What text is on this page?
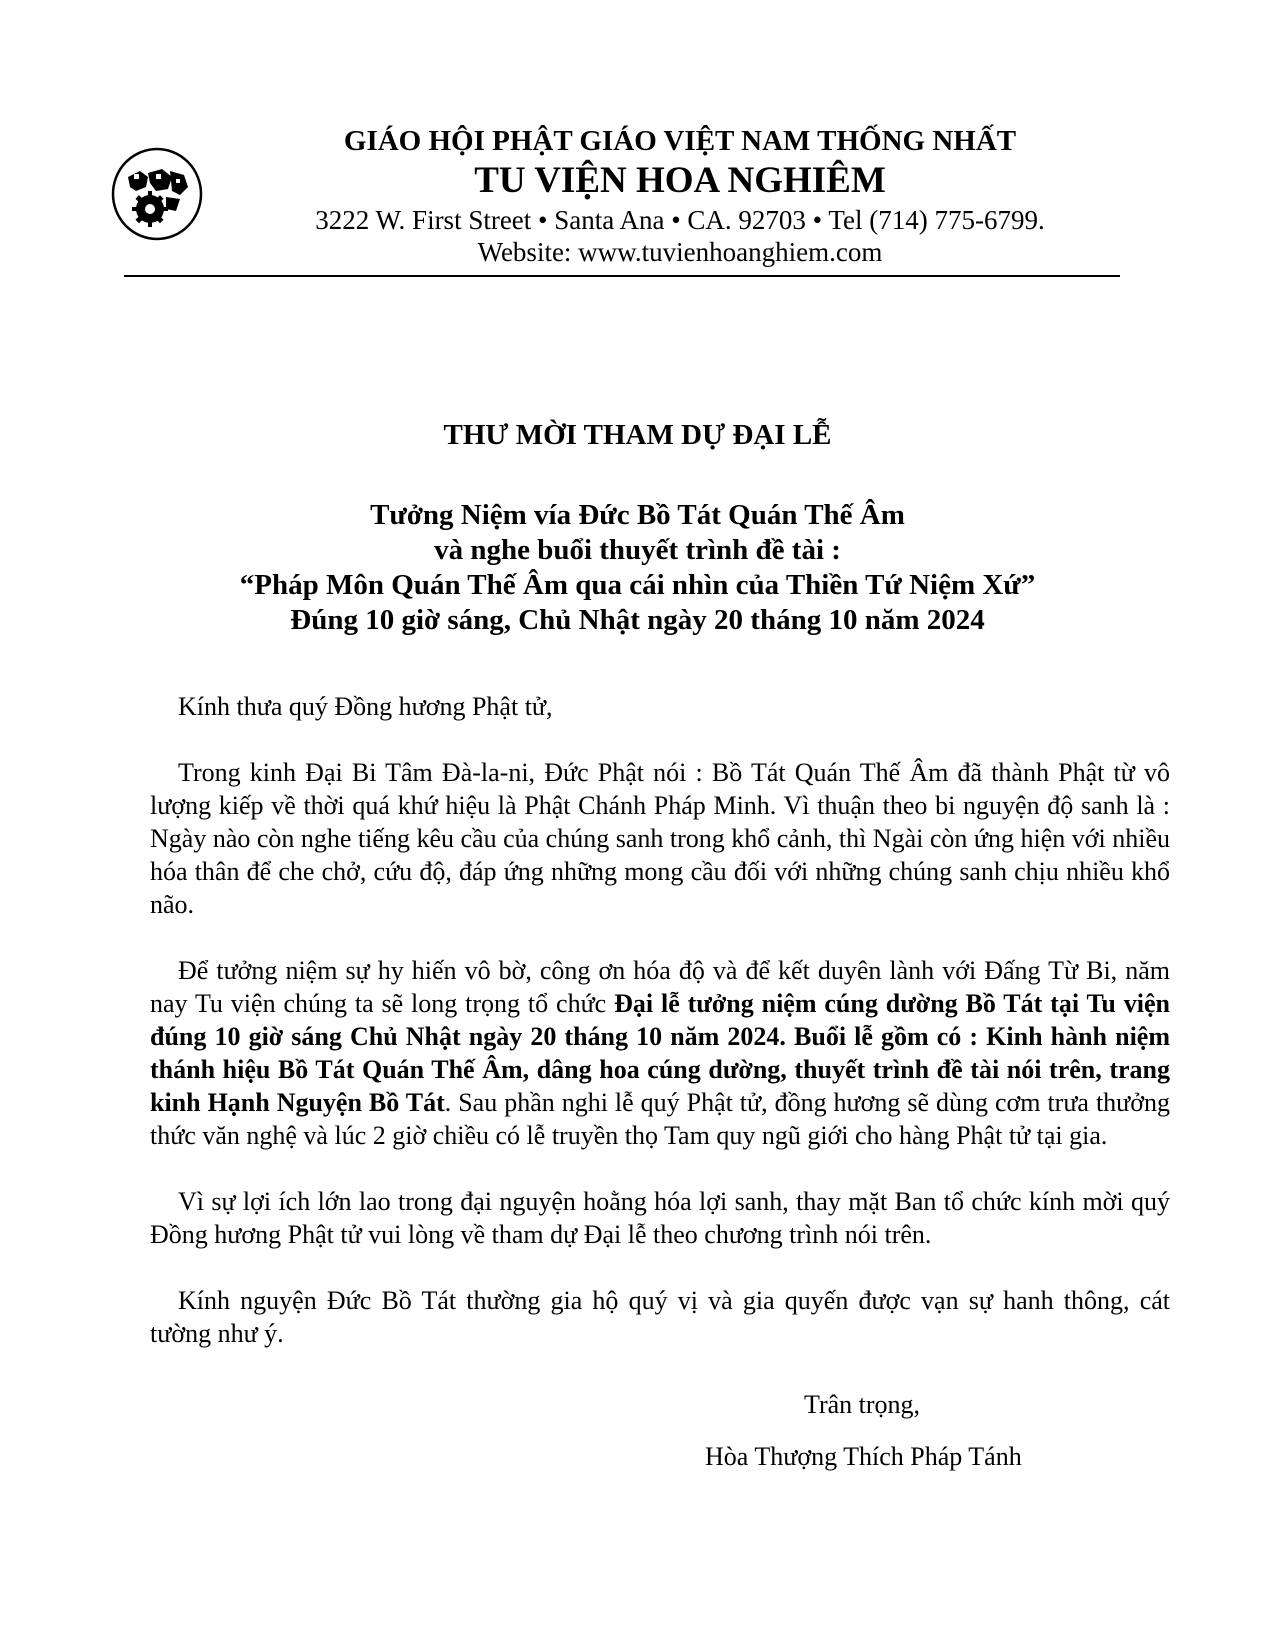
GIÁO HỘI PHẬT GIÁO VIỆT NAM THỐNG NHẤT
TU VIỆN HOA NGHIÊM
3222 W. First Street • Santa Ana • CA. 92703 • Tel (714) 775-6799.
Website: www.tuvienhoanghiem.com
THƯ MỜI THAM DỰ ĐẠI LỄ
Tưởng Niệm vía Đức Bồ Tát Quán Thế Âm
và nghe buổi thuyết trình đề tài :
“Pháp Môn Quán Thế Âm qua cái nhìn của Thiền Tứ Niệm Xứ”
Đúng 10 giờ sáng, Chủ Nhật ngày 20 tháng 10 năm 2024

Kính thưa quý Đồng hương Phật tử,

Trong kinh Đại Bi Tâm Đà-la-ni, Đức Phật nói : Bồ Tát Quán Thế Âm đã thành Phật từ vô lượng kiếp về thời quá khứ hiệu là Phật Chánh Pháp Minh. Vì thuận theo bi nguyện độ sanh là : Ngày nào còn nghe tiếng kêu cầu của chúng sanh trong khổ cảnh, thì Ngài còn ứng hiện với nhiều hóa thân để che chở, cứu độ, đáp ứng những mong cầu đối với những chúng sanh chịu nhiều khổ não.

Để tưởng niệm sự hy hiến vô bờ, công ơn hóa độ và để kết duyên lành với Đấng Từ Bi, năm nay Tu viện chúng ta sẽ long trọng tổ chức Đại lễ tưởng niệm cúng dường Bồ Tát tại Tu viện đúng 10 giờ sáng Chủ Nhật ngày 20 tháng 10 năm 2024. Buổi lễ gồm có : Kinh hành niệm thánh hiệu Bồ Tát Quán Thế Âm, dâng hoa cúng dường, thuyết trình đề tài nói trên, trang kinh Hạnh Nguyện Bồ Tát. Sau phần nghi lễ quý Phật tử, đồng hương sẽ dùng cơm trưa thưởng thức văn nghệ và lúc 2 giờ chiều có lễ truyền thọ Tam quy ngũ giới cho hàng Phật tử tại gia.

Vì sự lợi ích lớn lao trong đại nguyện hoằng hóa lợi sanh, thay mặt Ban tổ chức kính mời quý Đồng hương Phật tử vui lòng về tham dự Đại lễ theo chương trình nói trên.

Kính nguyện Đức Bồ Tát thường gia hộ quý vị và gia quyến được vạn sự hanh thông, cát tường như ý.

Trân trọng,
Hòa Thượng Thích Pháp Tánh
